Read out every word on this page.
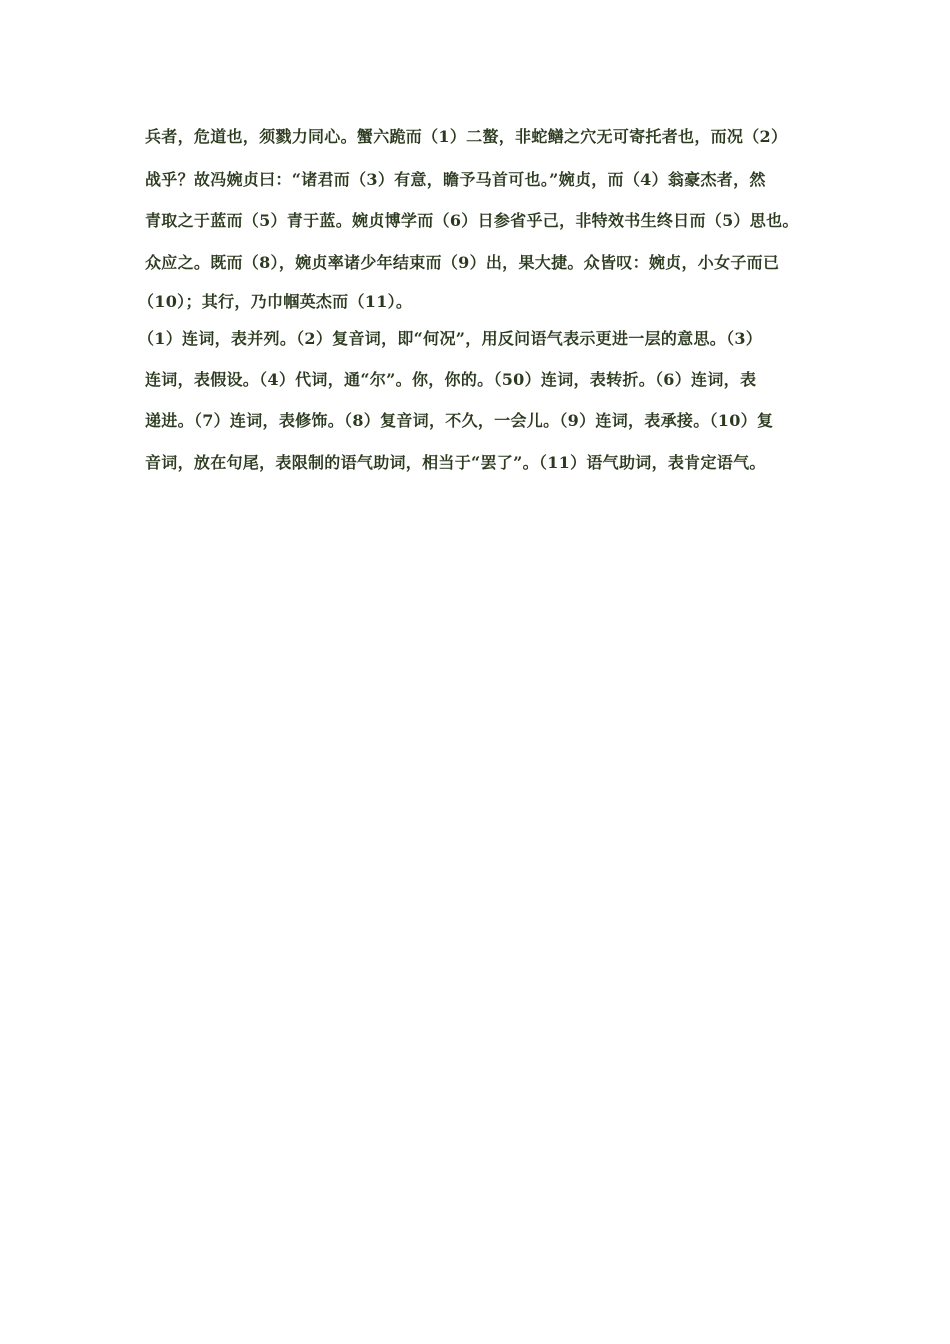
兵者，危道也，须戮力同心。蟹六跪而（1）二螯，非蛇鳝之穴无可寄托者也，而况（2）
战乎？故冯婉贞曰：“诸君而（3）有意，瞻予马首可也。”婉贞，而（4）翁豪杰者，然
青取之于蓝而（5）青于蓝。婉贞博学而（6）日参省乎己，非特效书生终日而（5）思也。
众应之。既而（8），婉贞率诸少年结束而（9）出，果大捷。众皆叹：婉贞，小女子而已
（10）；其行，乃巾帼英杰而（11）。
（1）连词，表并列。（2）复音词，即“何况”，用反问语气表示更进一层的意思。（3）
连词，表假设。（4）代词，通“尔”。你，你的。（50）连词，表转折。（6）连词，表
递进。（7）连词，表修饰。（8）复音词，不久，一会儿。（9）连词，表承接。（10）复
音词，放在句尾，表限制的语气助词，相当于“罢了”。（11）语气助词，表肯定语气。
